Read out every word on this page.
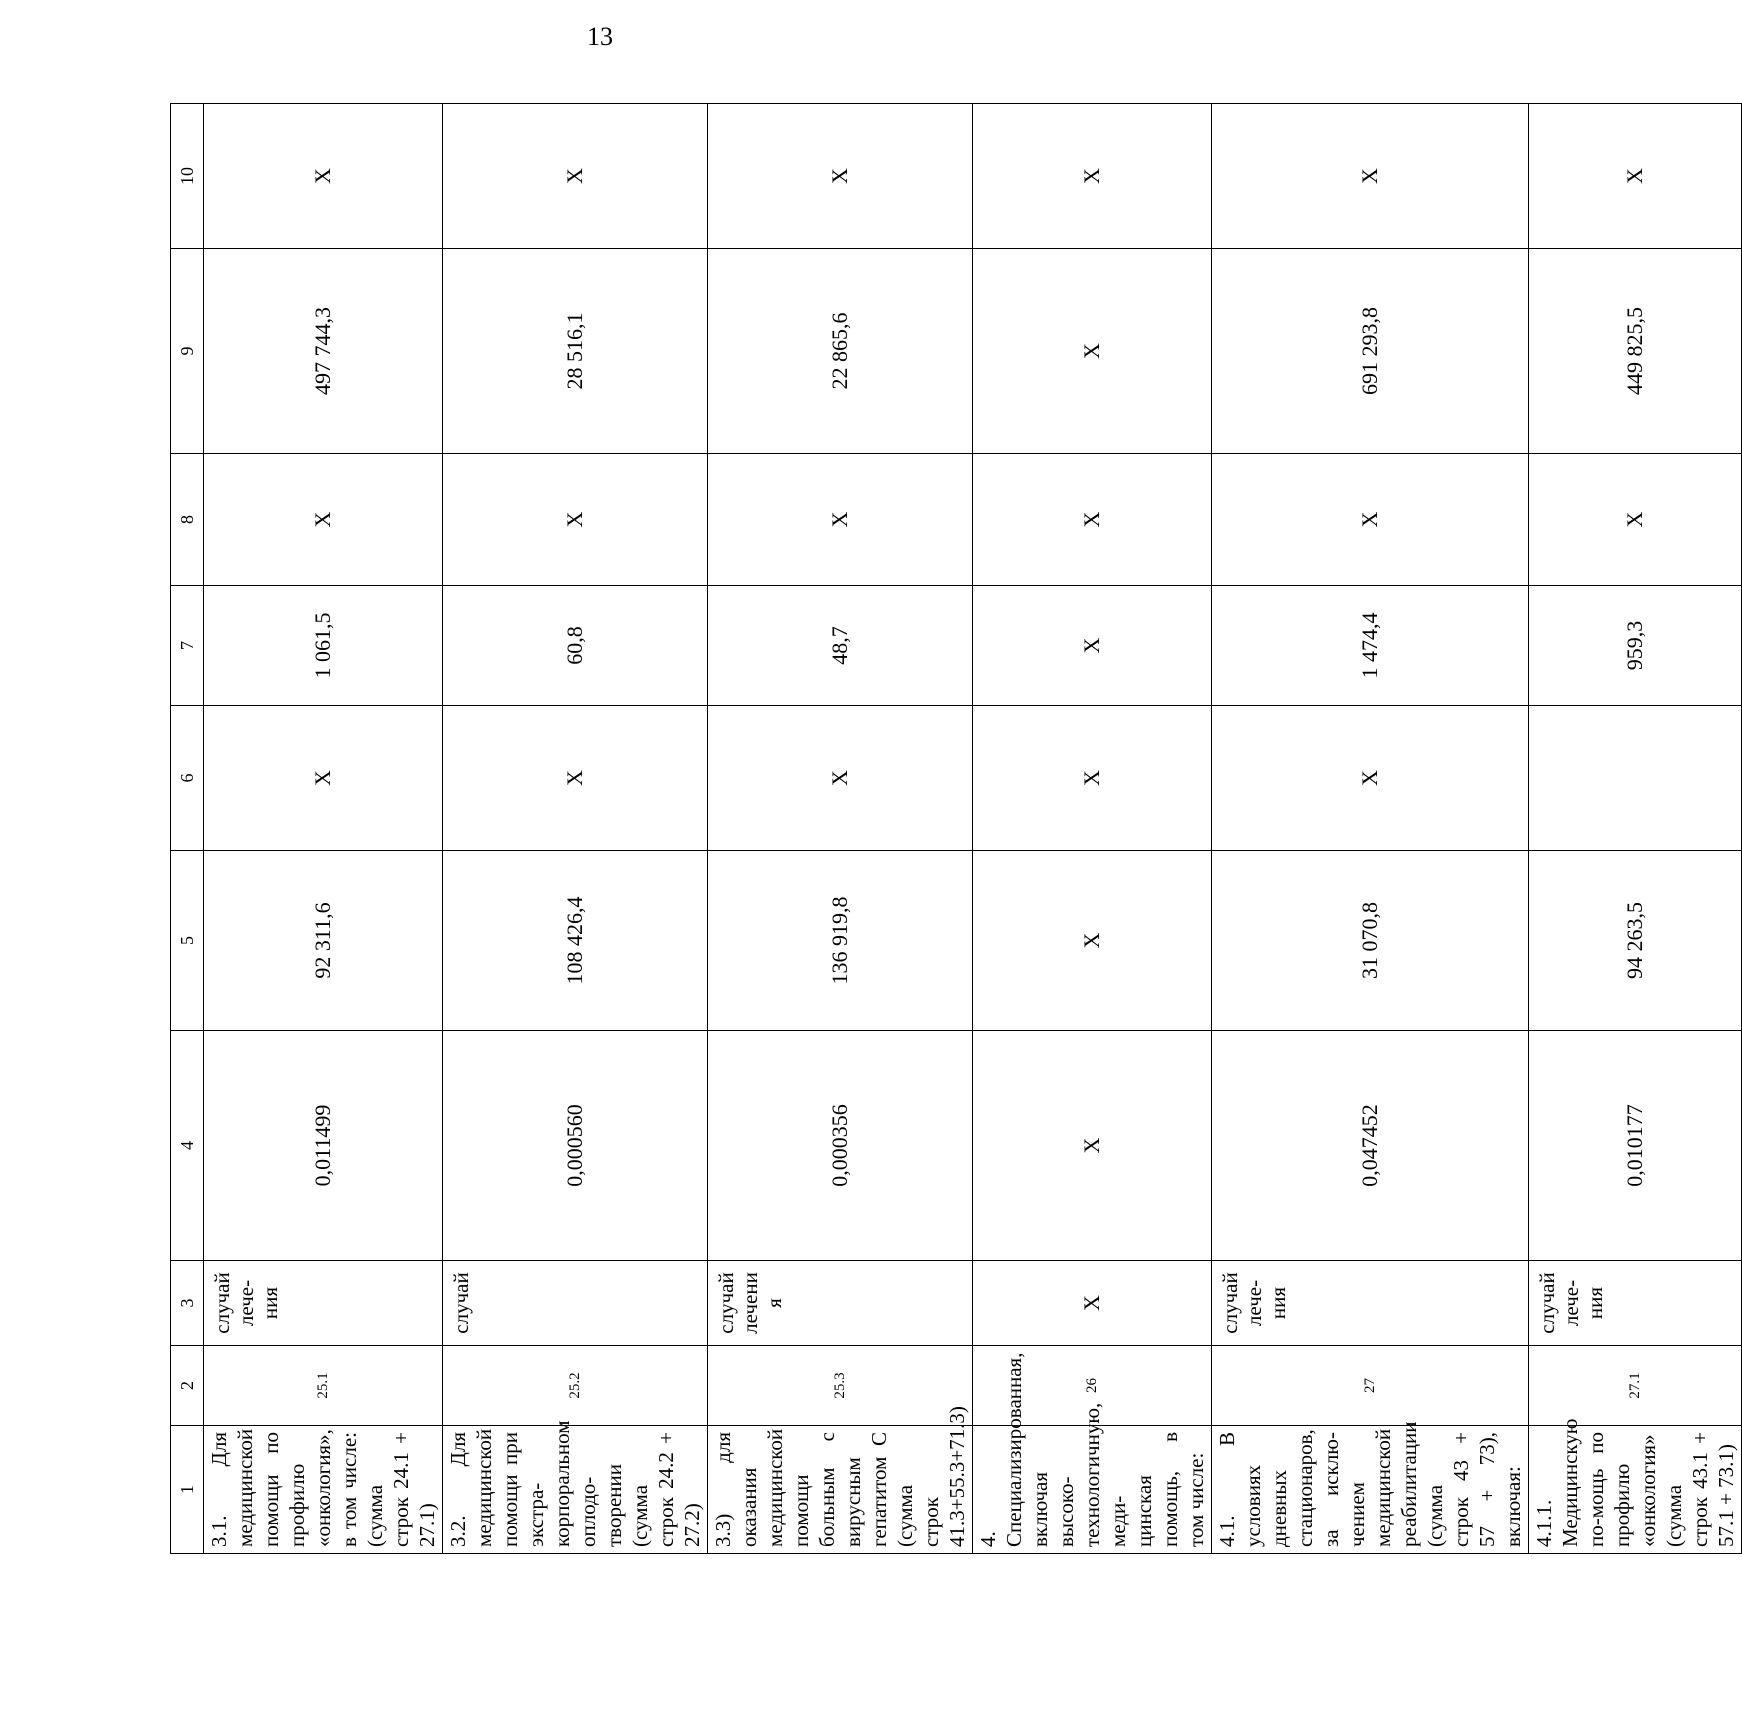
13
1	2	3	4	5	6	7	8	9	10
3.1. Для медицинской помощи по профилю «онкология», в том числе: (сумма строк 24.1 + 27.1)	25.1	случай лече-ния	0,011499	92 311,6	X	1 061,5	X	497 744,3	X
3.2. Для медицинской помощи при экстра-корпоральном оплодо-творении (сумма строк 24.2 + 27.2)	25.2	случай	0,000560	108 426,4	X	60,8	X	28 516,1	X
3.3) для оказания медицинской помощи больным с вирусным гепатитом С (сумма строк 41.3+55.3+71.3)	25.3	случай лечени я	0,000356	136 919,8	X	48,7	X	22 865,6	X
4. Специализированная, включая высоко-технологичную, меди-цинская помощь, в том числе:	26	X	X	X	X	X	X	X	X
4.1. В условиях дневных стационаров, за исклю-чением медицинской реабилитации (сумма строк 43 + 57 + 73), включая:	27	случай лече-ния	0,047452	31 070,8	X	1 474,4	X	691 293,8	X
4.1.1. Медицинскую по-мощь по профилю «онкология» (сумма строк 43.1 + 57.1 + 73.1)	27.1	случай лече-ния	0,010177	94 263,5		959,3	X	449 825,5	X
